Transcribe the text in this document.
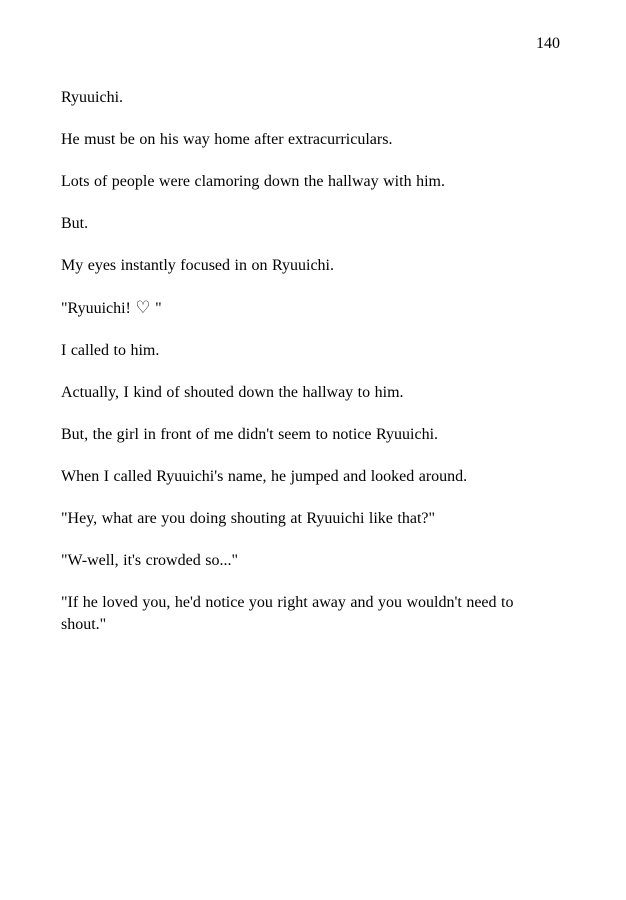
140

Ryuuichi.

He must be on his way home after extracurriculars.

Lots of people were clamoring down the hallway with him.

But.

My eyes instantly focused in on Ryuuichi.

"Ryuuichi! ♡ "

I called to him.

Actually, I kind of shouted down the hallway to him.

But, the girl in front of me didn't seem to notice Ryuuichi.

When I called Ryuuichi's name, he jumped and looked around.

"Hey, what are you doing shouting at Ryuuichi like that?"

"W-well, it's crowded so..."

"If he loved you, he'd notice you right away and you wouldn't need to shout."
